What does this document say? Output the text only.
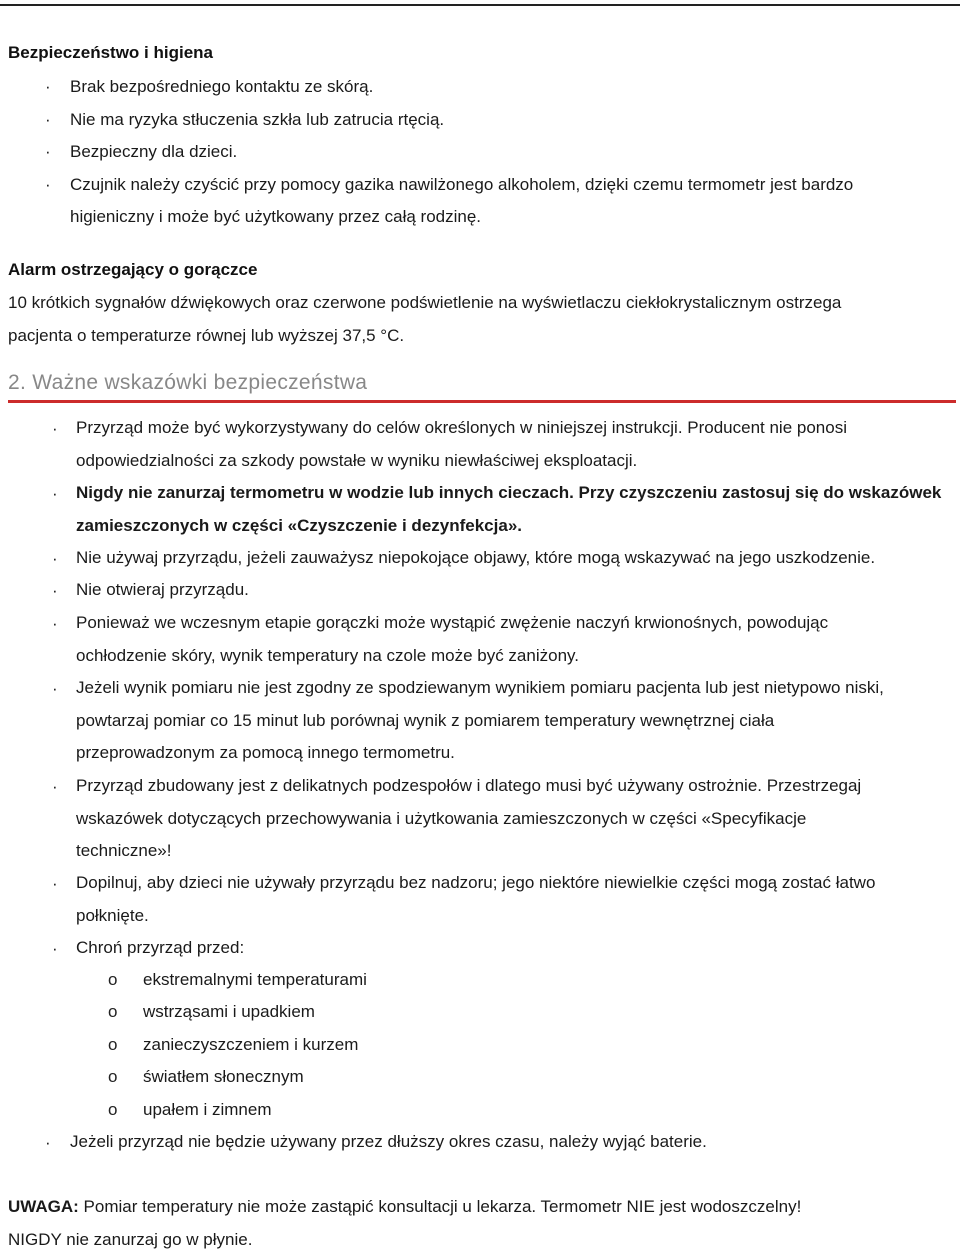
Bezpieczeństwo i higiena
· Brak bezpośredniego kontaktu ze skórą.
· Nie ma ryzyka stłuczenia szkła lub zatrucia rtęcią.
· Bezpieczny dla dzieci.
· Czujnik należy czyścić przy pomocy gazika nawilżonego alkoholem, dzięki czemu termometr jest bardzo
higieniczny i może być użytkowany przez całą rodzinę.
Alarm ostrzegający o gorączce
10 krótkich sygnałów dźwiękowych oraz czerwone podświetlenie na wyświetlaczu ciekłokrystalicznym ostrzega
pacjenta o temperaturze równej lub wyższej 37,5 °C.
2. Ważne wskazówki bezpieczeństwa
· Przyrząd może być wykorzystywany do celów określonych w niniejszej instrukcji. Producent nie ponosi
odpowiedzialności za szkody powstałe w wyniku niewłaściwej eksploatacji.
· Nigdy nie zanurzaj termometru w wodzie lub innych cieczach. Przy czyszczeniu zastosuj się do wskazówek
zamieszczonych w części «Czyszczenie i dezynfekcja».
· Nie używaj przyrządu, jeżeli zauważysz niepokojące objawy, które mogą wskazywać na jego uszkodzenie.
· Nie otwieraj przyrządu.
· Ponieważ we wczesnym etapie gorączki może wystąpić zwężenie naczyń krwionośnych, powodując
ochłodzenie skóry, wynik temperatury na czole może być zaniżony.
· Jeżeli wynik pomiaru nie jest zgodny ze spodziewanym wynikiem pomiaru pacjenta lub jest nietypowo niski,
powtarzaj pomiar co 15 minut lub porównaj wynik z pomiarem temperatury wewnętrznej ciała
przeprowadzonym za pomocą innego termometru.
· Przyrząd zbudowany jest z delikatnych podzespołów i dlatego musi być używany ostrożnie. Przestrzegaj
wskazówek dotyczących przechowywania i użytkowania zamieszczonych w części «Specyfikacje
techniczne»!
· Dopilnuj, aby dzieci nie używały przyrządu bez nadzoru; jego niektóre niewielkie części mogą zostać łatwo
połknięte.
· Chroń przyrząd przed:
o ekstremalnymi temperaturami
o wstrząsami i upadkiem
o zanieczyszczeniem i kurzem
o światłem słonecznym
o upałem i zimnem
· Jeżeli przyrząd nie będzie używany przez dłuższy okres czasu, należy wyjąć baterie.
UWAGA: Pomiar temperatury nie może zastąpić konsultacji u lekarza. Termometr NIE jest wodoszczelny!
NIGDY nie zanurzaj go w płynie.
